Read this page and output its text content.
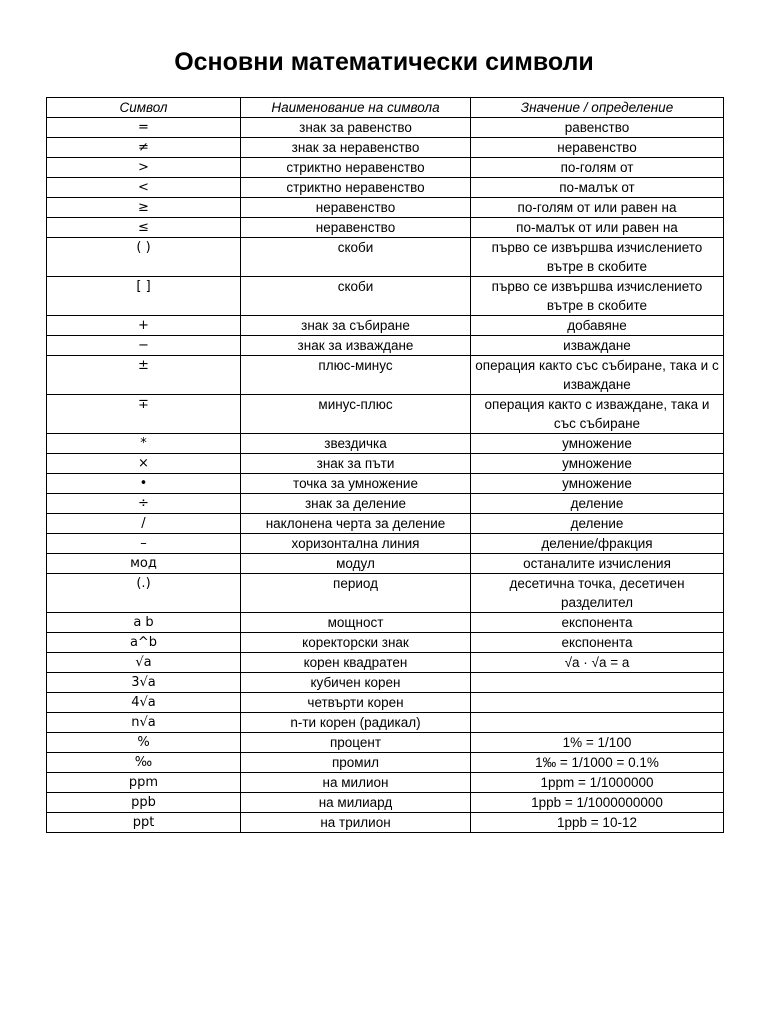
Основни математически символи
Символ	Наименование на символа	Значение / определение
=	знак за равенство	равенство
≠	знак за неравенство	неравенство
>	стриктно неравенство	по-голям от
<	стриктно неравенство	по-малък от
≥	неравенство	по-голям от или равен на
≤	неравенство	по-малък от или равен на
( )	скоби	първо се извършва изчислението вътре в скобите
[ ]	скоби	първо се извършва изчислението вътре в скобите
+	знак за събиране	добавяне
−	знак за изваждане	изваждане
±	плюс-минус	операция както със събиране, така и с изваждане
∓	минус-плюс	операция както с изваждане, така и със събиране
*	звездичка	умножение
×	знак за пъти	умножение
•	точка за умножение	умножение
÷	знак за деление	деление
/	наклонена черта за деление	деление
–	хоризонтална линия	деление/фракция
мод	модул	останалите изчисления
(.)	период	десетична точка, десетичен разделител
a b	мощност	експонента
a^b	коректорски знак	експонента
√a	корен квадратен	√a · √a = a
3√a	кубичен корен	
4√a	четвърти корен	
n√a	n-ти корен (радикал)	
%	процент	1% = 1/100
‰	промил	1‰ = 1/1000 = 0.1%
ppm	на милион	1ppm = 1/1000000
ppb	на милиард	1ppb = 1/1000000000
ppt	на трилион	1ppb = 10-12
